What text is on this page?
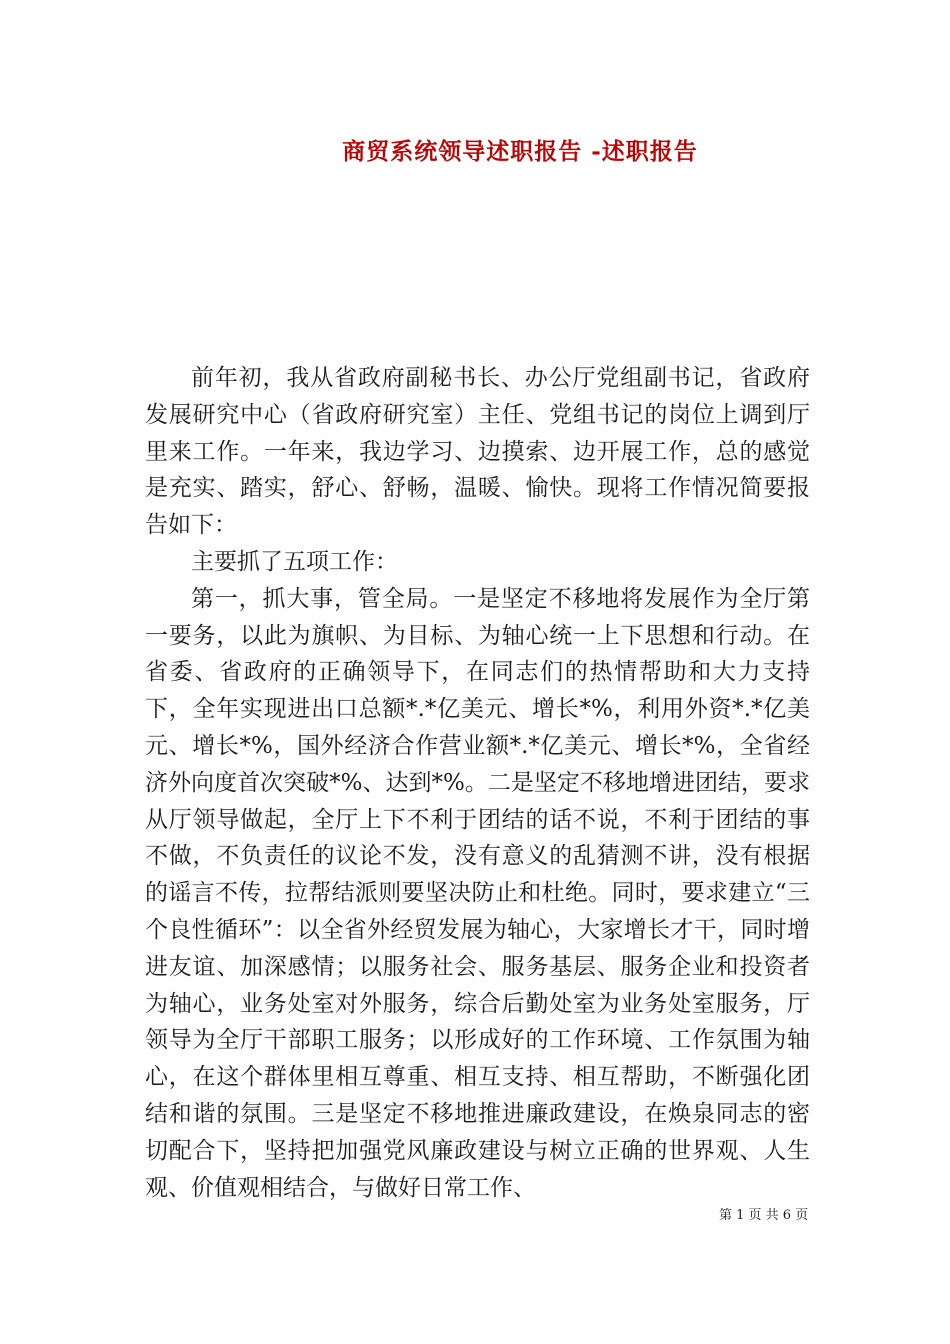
商贸系统领导述职报告 -述职报告

前年初，我从省政府副秘书长、办公厅党组副书记，省政府发展研究中心（省政府研究室）主任、党组书记的岗位上调到厅里来工作。一年来，我边学习、边摸索、边开展工作，总的感觉是充实、踏实，舒心、舒畅，温暖、愉快。现将工作情况简要报告如下：

主要抓了五项工作：

第一，抓大事，管全局。一是坚定不移地将发展作为全厅第一要务，以此为旗帜、为目标、为轴心统一上下思想和行动。在省委、省政府的正确领导下，在同志们的热情帮助和大力支持下，全年实现进出口总额*.*亿美元、增长*%，利用外资*.*亿美元、增长*%，国外经济合作营业额*.*亿美元、增长*%，全省经济外向度首次突破*%、达到*%。二是坚定不移地增进团结，要求从厅领导做起，全厅上下不利于团结的话不说，不利于团结的事不做，不负责任的议论不发，没有意义的乱猜测不讲，没有根据的谣言不传，拉帮结派则要坚决防止和杜绝。同时，要求建立“三个良性循环”：以全省外经贸发展为轴心，大家增长才干，同时增进友谊、加深感情；以服务社会、服务基层、服务企业和投资者为轴心，业务处室对外服务，综合后勤处室为业务处室服务，厅领导为全厅干部职工服务；以形成好的工作环境、工作氛围为轴心，在这个群体里相互尊重、相互支持、相互帮助，不断强化团结和谐的氛围。三是坚定不移地推进廉政建设，在焕泉同志的密切配合下，坚持把加强党风廉政建设与树立正确的世界观、人生观、价值观相结合，与做好日常工作、

第 1 页 共 6 页
